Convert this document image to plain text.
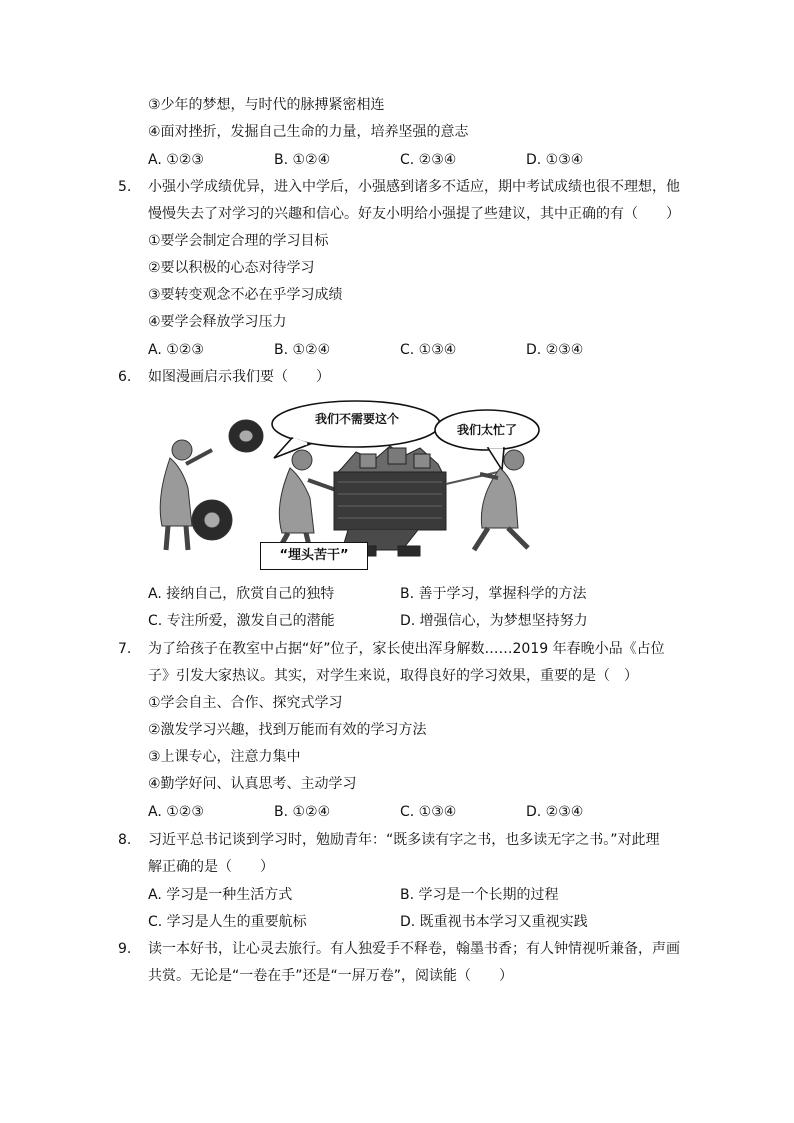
③少年的梦想，与时代的脉搏紧密相连
④面对挫折，发掘自己生命的力量，培养坚强的意志
A. ①②③	B. ①②④	C. ②③④	D. ①③④
5. 小强小学成绩优异，进入中学后，小强感到诸多不适应，期中考试成绩也很不理想，他
慢慢失去了对学习的兴趣和信心。好友小明给小强提了些建议，其中正确的有（　　）
①要学会制定合理的学习目标
②要以积极的心态对待学习
③要转变观念不必在乎学习成绩
④要学会释放学习压力
A. ①②③	B. ①②④	C. ①③④	D. ②③④
6. 如图漫画启示我们要（　　）
我们不需要这个
我们太忙了
“埋头苦干”
A. 接纳自己，欣赏自己的独特	B. 善于学习，掌握科学的方法
C. 专注所爱，激发自己的潜能	D. 增强信心，为梦想坚持努力
7. 为了给孩子在教室中占据“好”位子，家长使出浑身解数……2019 年春晚小品《占位
子》引发大家热议。其实，对学生来说，取得良好的学习效果，重要的是（　）
①学会自主、合作、探究式学习
②激发学习兴趣，找到万能而有效的学习方法
③上课专心，注意力集中
④勤学好问、认真思考、主动学习
A. ①②③	B. ①②④	C. ①③④	D. ②③④
8. 习近平总书记谈到学习时，勉励青年：“既多读有字之书，也多读无字之书。”对此理
解正确的是（　　）
A. 学习是一种生活方式	B. 学习是一个长期的过程
C. 学习是人生的重要航标	D. 既重视书本学习又重视实践
9. 读一本好书，让心灵去旅行。有人独爱手不释卷，翰墨书香；有人钟情视听兼备，声画
共赏。无论是“一卷在手”还是“一屏万卷”，阅读能（　　）
